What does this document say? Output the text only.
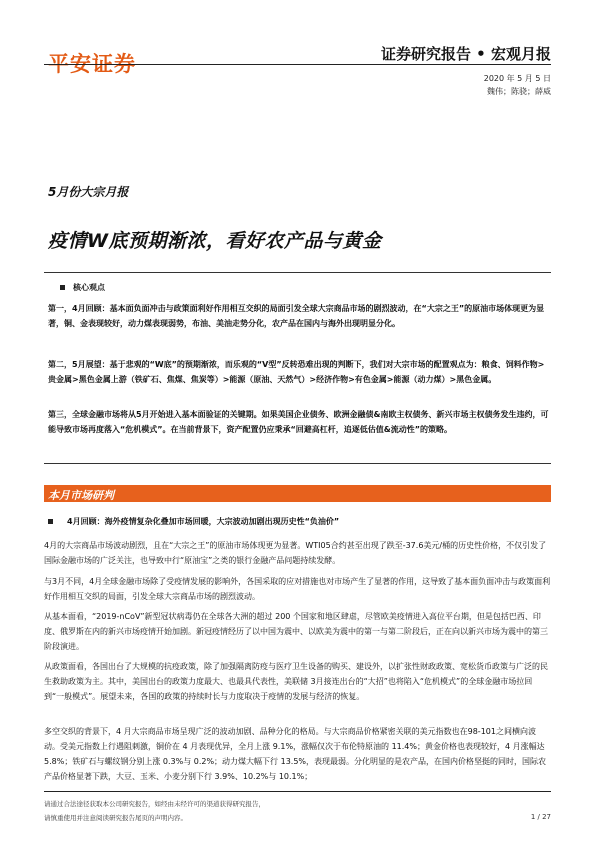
平安证券	证券研究报告 • 宏观月报
2020 年 5 月 5 日
魏伟；陈骁；薛威
5月份大宗月报
疫情W底预期渐浓，看好农产品与黄金
核心观点
第一，4月回顾：基本面负面冲击与政策面利好作用相互交织的局面引发全球大宗商品市场的剧烈波动，在“大宗之王”的原油市场体现更为显著，铜、金表现较好，动力煤表现弱势，布油、美油走势分化，农产品在国内与海外出现明显分化。
第二，5月展望：基于悲观的“W底”的预期渐浓，而乐观的“V型”反转恐难出现的判断下，我们对大宗市场的配置观点为：粮食、饲料作物>贵金属>黑色金属上游（铁矿石、焦煤、焦炭等）>能源（原油、天然气）>经济作物>有色金属>能源（动力煤）>黑色金属。
第三，全球金融市场将从5月开始进入基本面验证的关键期。如果美国企业债务、欧洲金融债&南欧主权债务、新兴市场主权债务发生违约，可能导致市场再度落入“危机模式”。在当前背景下，资产配置仍应秉承“回避高杠杆，追逐低估值&流动性”的策略。
本月市场研判
4月回顾：海外疫情复杂化叠加市场回暖，大宗波动加剧出现历史性“负油价”
4月的大宗商品市场波动剧烈，且在“大宗之王”的原油市场体现更为显著。WTI05合约甚至出现了跌至-37.6美元/桶的历史性价格，不仅引发了国际金融市场的广泛关注，也导致中行“原油宝”之类的银行金融产品问题持续发酵。
与3月不同，4月全球金融市场除了受疫情发展的影响外，各国采取的应对措施也对市场产生了显著的作用，这导致了基本面负面冲击与政策面利好作用相互交织的局面，引发全球大宗商品市场的剧烈波动。
从基本面看，“2019-nCoV”新型冠状病毒仍在全球各大洲的超过 200 个国家和地区肆虐，尽管欧美疫情进入高位平台期，但是包括巴西、印度、俄罗斯在内的新兴市场疫情开始加剧。新冠疫情经历了以中国为震中、以欧美为震中的第一与第二阶段后，正在向以新兴市场为震中的第三阶段演进。
从政策面看，各国出台了大规模的抗疫政策，除了加强隔离防疫与医疗卫生设备的购买、建设外，以扩张性财政政策、宽松货币政策与广泛的民生救助政策为主。其中，美国出台的政策力度最大、也最具代表性，美联储 3月接连出台的“大招”也将陷入“危机模式”的全球金融市场拉回到“一般模式”。展望未来，各国的政策的持续时长与力度取决于疫情的发展与经济的恢复。
多空交织的背景下，4 月大宗商品市场呈现广泛的波动加剧、品种分化的格局。与大宗商品价格紧密关联的美元指数也在98-101之间横向波动。受美元指数上行遇阻刺激，铜价在 4 月表现优异，全月上涨 9.1%，涨幅仅次于布伦特原油的 11.4%；黄金价格也表现较好，4 月涨幅达 5.8%；铁矿石与螺纹钢分别上涨 0.3%与 0.2%；动力煤大幅下行 13.5%，表现最弱。分化明显的是农产品，在国内价格坚挺的同时，国际农产品价格显著下跌，大豆、玉米、小麦分别下行 3.9%、10.2%与 10.1%；
请通过合法途径获取本公司研究报告，如经由未经许可的渠道获得研究报告，
请慎重使用并注意阅读研究报告尾页的声明内容。	1 / 27
